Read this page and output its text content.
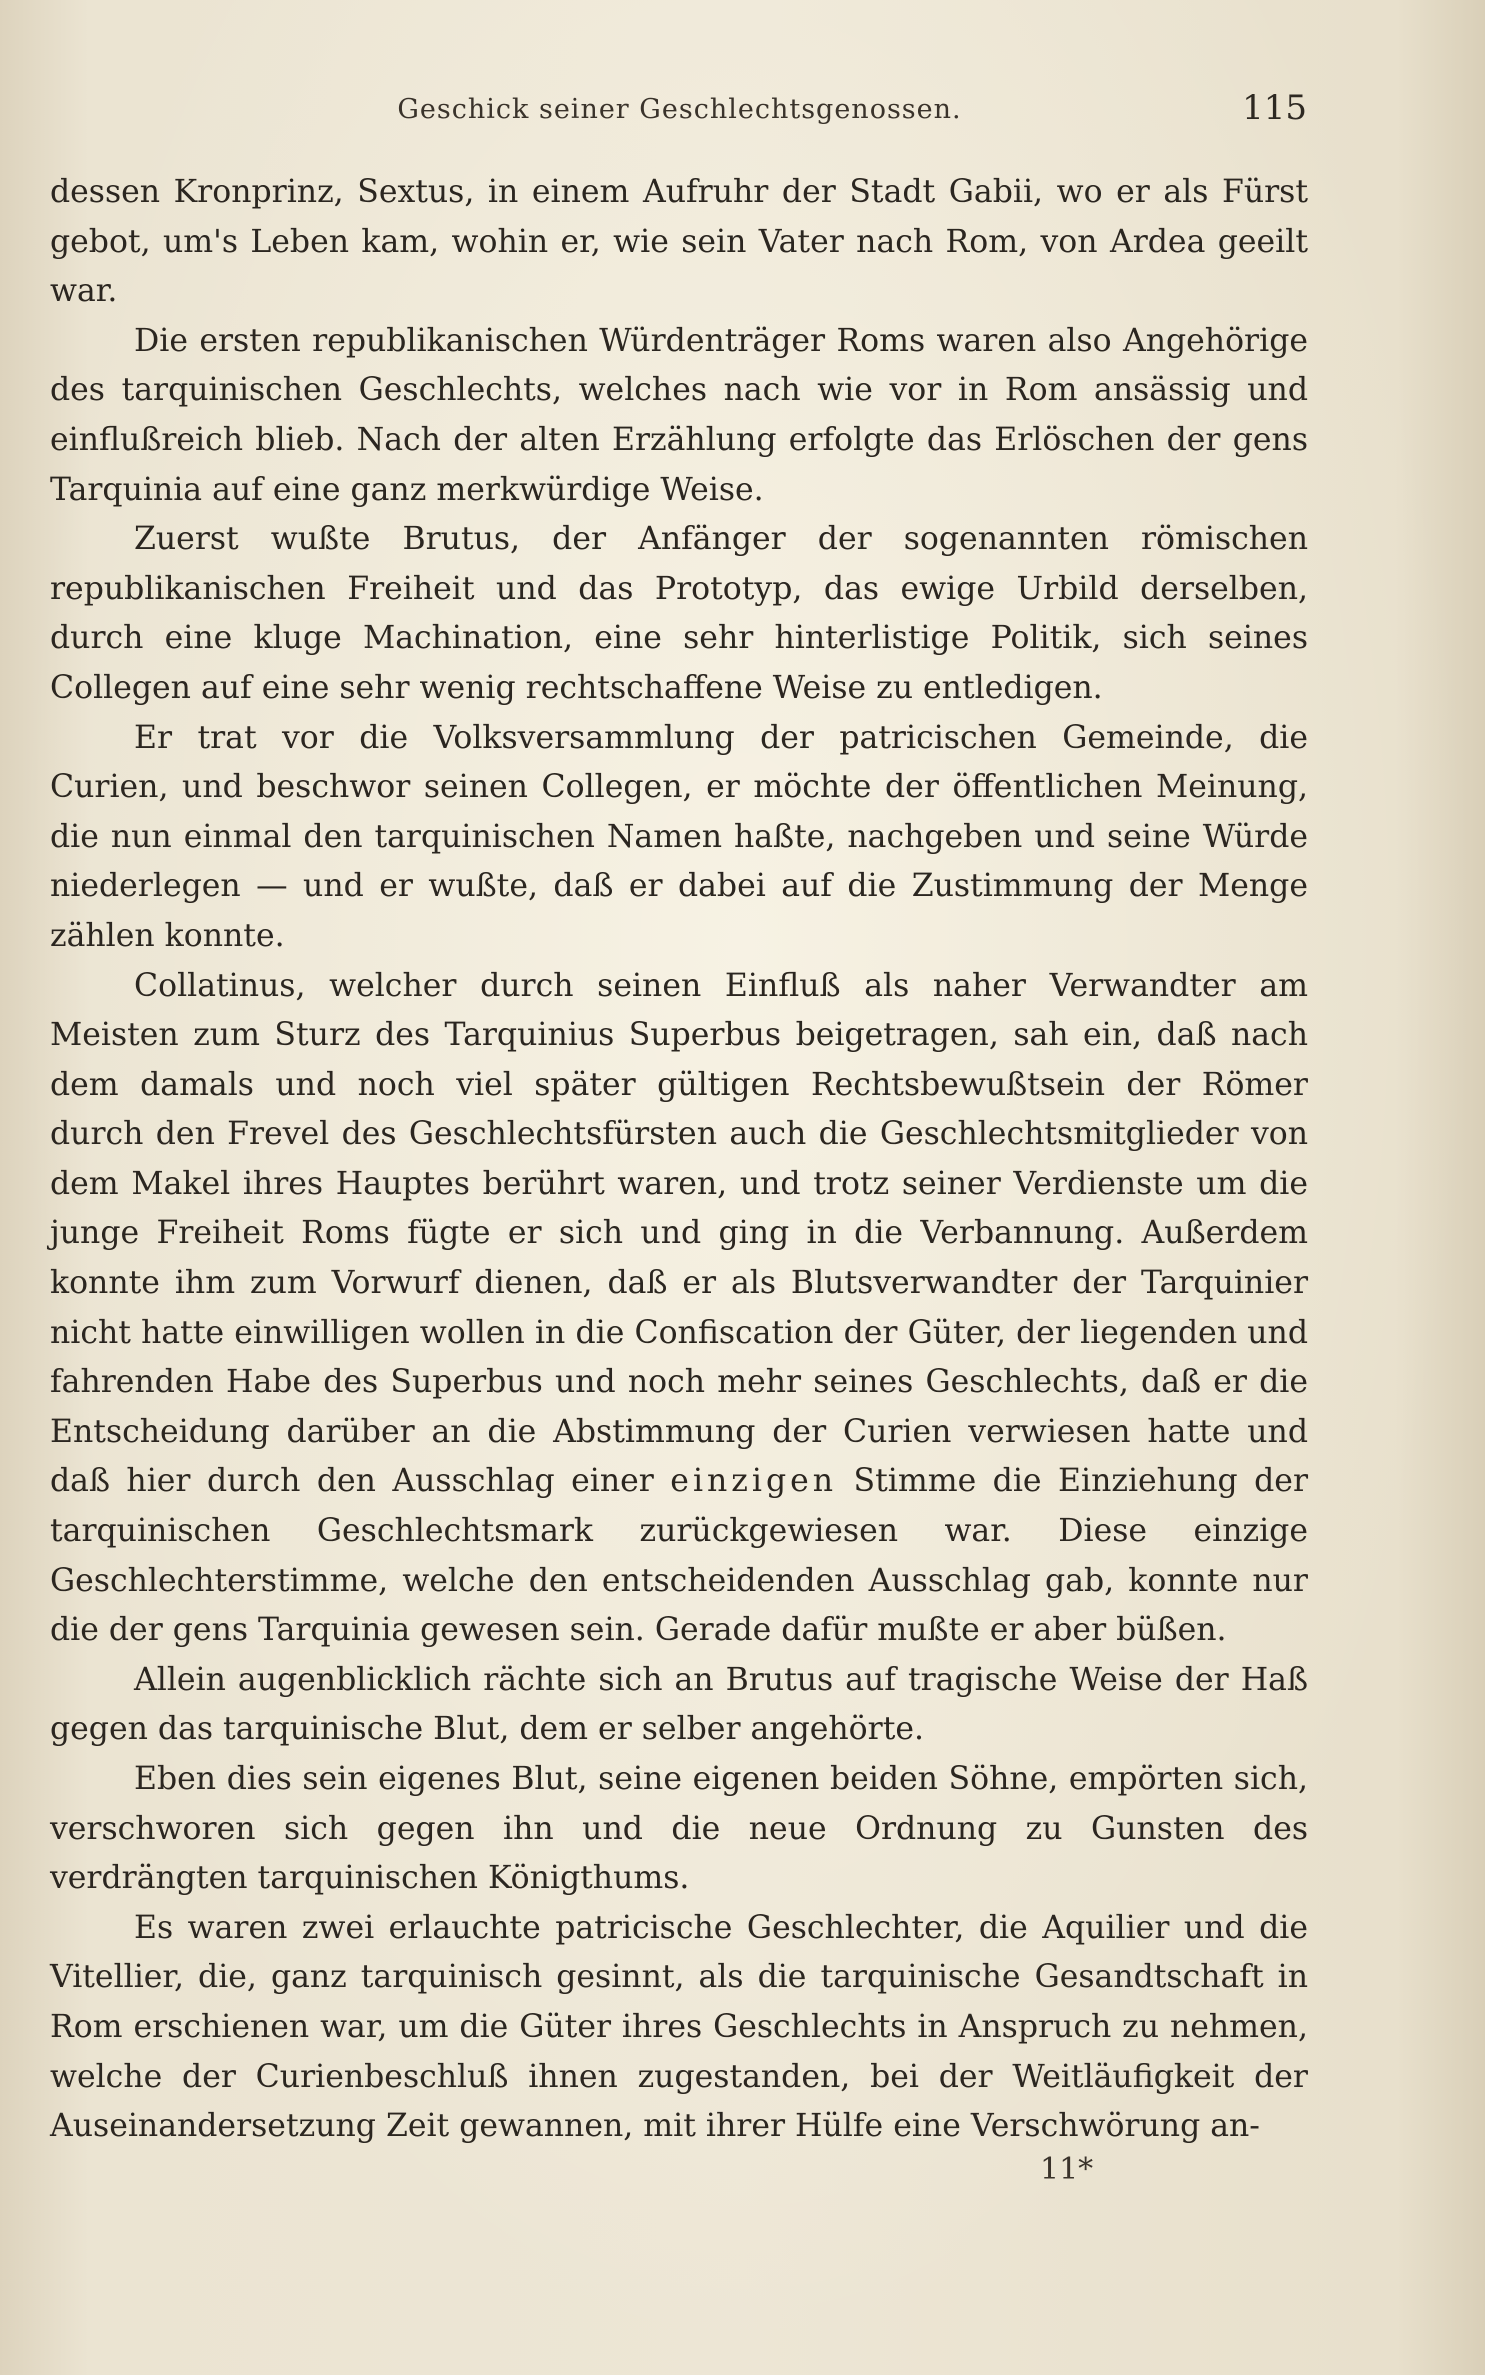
Geschick seiner Geschlechtsgenossen.	115

dessen Kronprinz, Sextus, in einem Aufruhr der Stadt Gabii, wo er als Fürst gebot, um's Leben kam, wohin er, wie sein Vater nach Rom, von Ardea geeilt war.

Die ersten republikanischen Würdenträger Roms waren also Angehörige des tarquinischen Geschlechts, welches nach wie vor in Rom ansässig und einflußreich blieb. Nach der alten Erzählung erfolgte das Erlöschen der gens Tarquinia auf eine ganz merkwürdige Weise.

Zuerst wußte Brutus, der Anfänger der sogenannten römischen republikanischen Freiheit und das Prototyp, das ewige Urbild derselben, durch eine kluge Machination, eine sehr hinterlistige Politik, sich seines Collegen auf eine sehr wenig rechtschaffene Weise zu entledigen.

Er trat vor die Volksversammlung der patricischen Gemeinde, die Curien, und beschwor seinen Collegen, er möchte der öffentlichen Meinung, die nun einmal den tarquinischen Namen haßte, nachgeben und seine Würde niederlegen — und er wußte, daß er dabei auf die Zustimmung der Menge zählen konnte.

Collatinus, welcher durch seinen Einfluß als naher Verwandter am Meisten zum Sturz des Tarquinius Superbus beigetragen, sah ein, daß nach dem damals und noch viel später gültigen Rechtsbewußtsein der Römer durch den Frevel des Geschlechtsfürsten auch die Geschlechtsmitglieder von dem Makel ihres Hauptes berührt waren, und trotz seiner Verdienste um die junge Freiheit Roms fügte er sich und ging in die Verbannung. Außerdem konnte ihm zum Vorwurf dienen, daß er als Blutsverwandter der Tarquinier nicht hatte einwilligen wollen in die Confiscation der Güter, der liegenden und fahrenden Habe des Superbus und noch mehr seines Geschlechts, daß er die Entscheidung darüber an die Abstimmung der Curien verwiesen hatte und daß hier durch den Ausschlag einer einzigen Stimme die Einziehung der tarquinischen Geschlechtsmark zurückgewiesen war. Diese einzige Geschlechterstimme, welche den entscheidenden Ausschlag gab, konnte nur die der gens Tarquinia gewesen sein. Gerade dafür mußte er aber büßen.

Allein augenblicklich rächte sich an Brutus auf tragische Weise der Haß gegen das tarquinische Blut, dem er selber angehörte.

Eben dies sein eigenes Blut, seine eigenen beiden Söhne, empörten sich, verschworen sich gegen ihn und die neue Ordnung zu Gunsten des verdrängten tarquinischen Königthums.

Es waren zwei erlauchte patricische Geschlechter, die Aquilier und die Vitellier, die, ganz tarquinisch gesinnt, als die tarquinische Gesandtschaft in Rom erschienen war, um die Güter ihres Geschlechts in Anspruch zu nehmen, welche der Curienbeschluß ihnen zugestanden, bei der Weitläufigkeit der Auseinandersetzung Zeit gewannen, mit ihrer Hülfe eine Verschwörung an-

11*
